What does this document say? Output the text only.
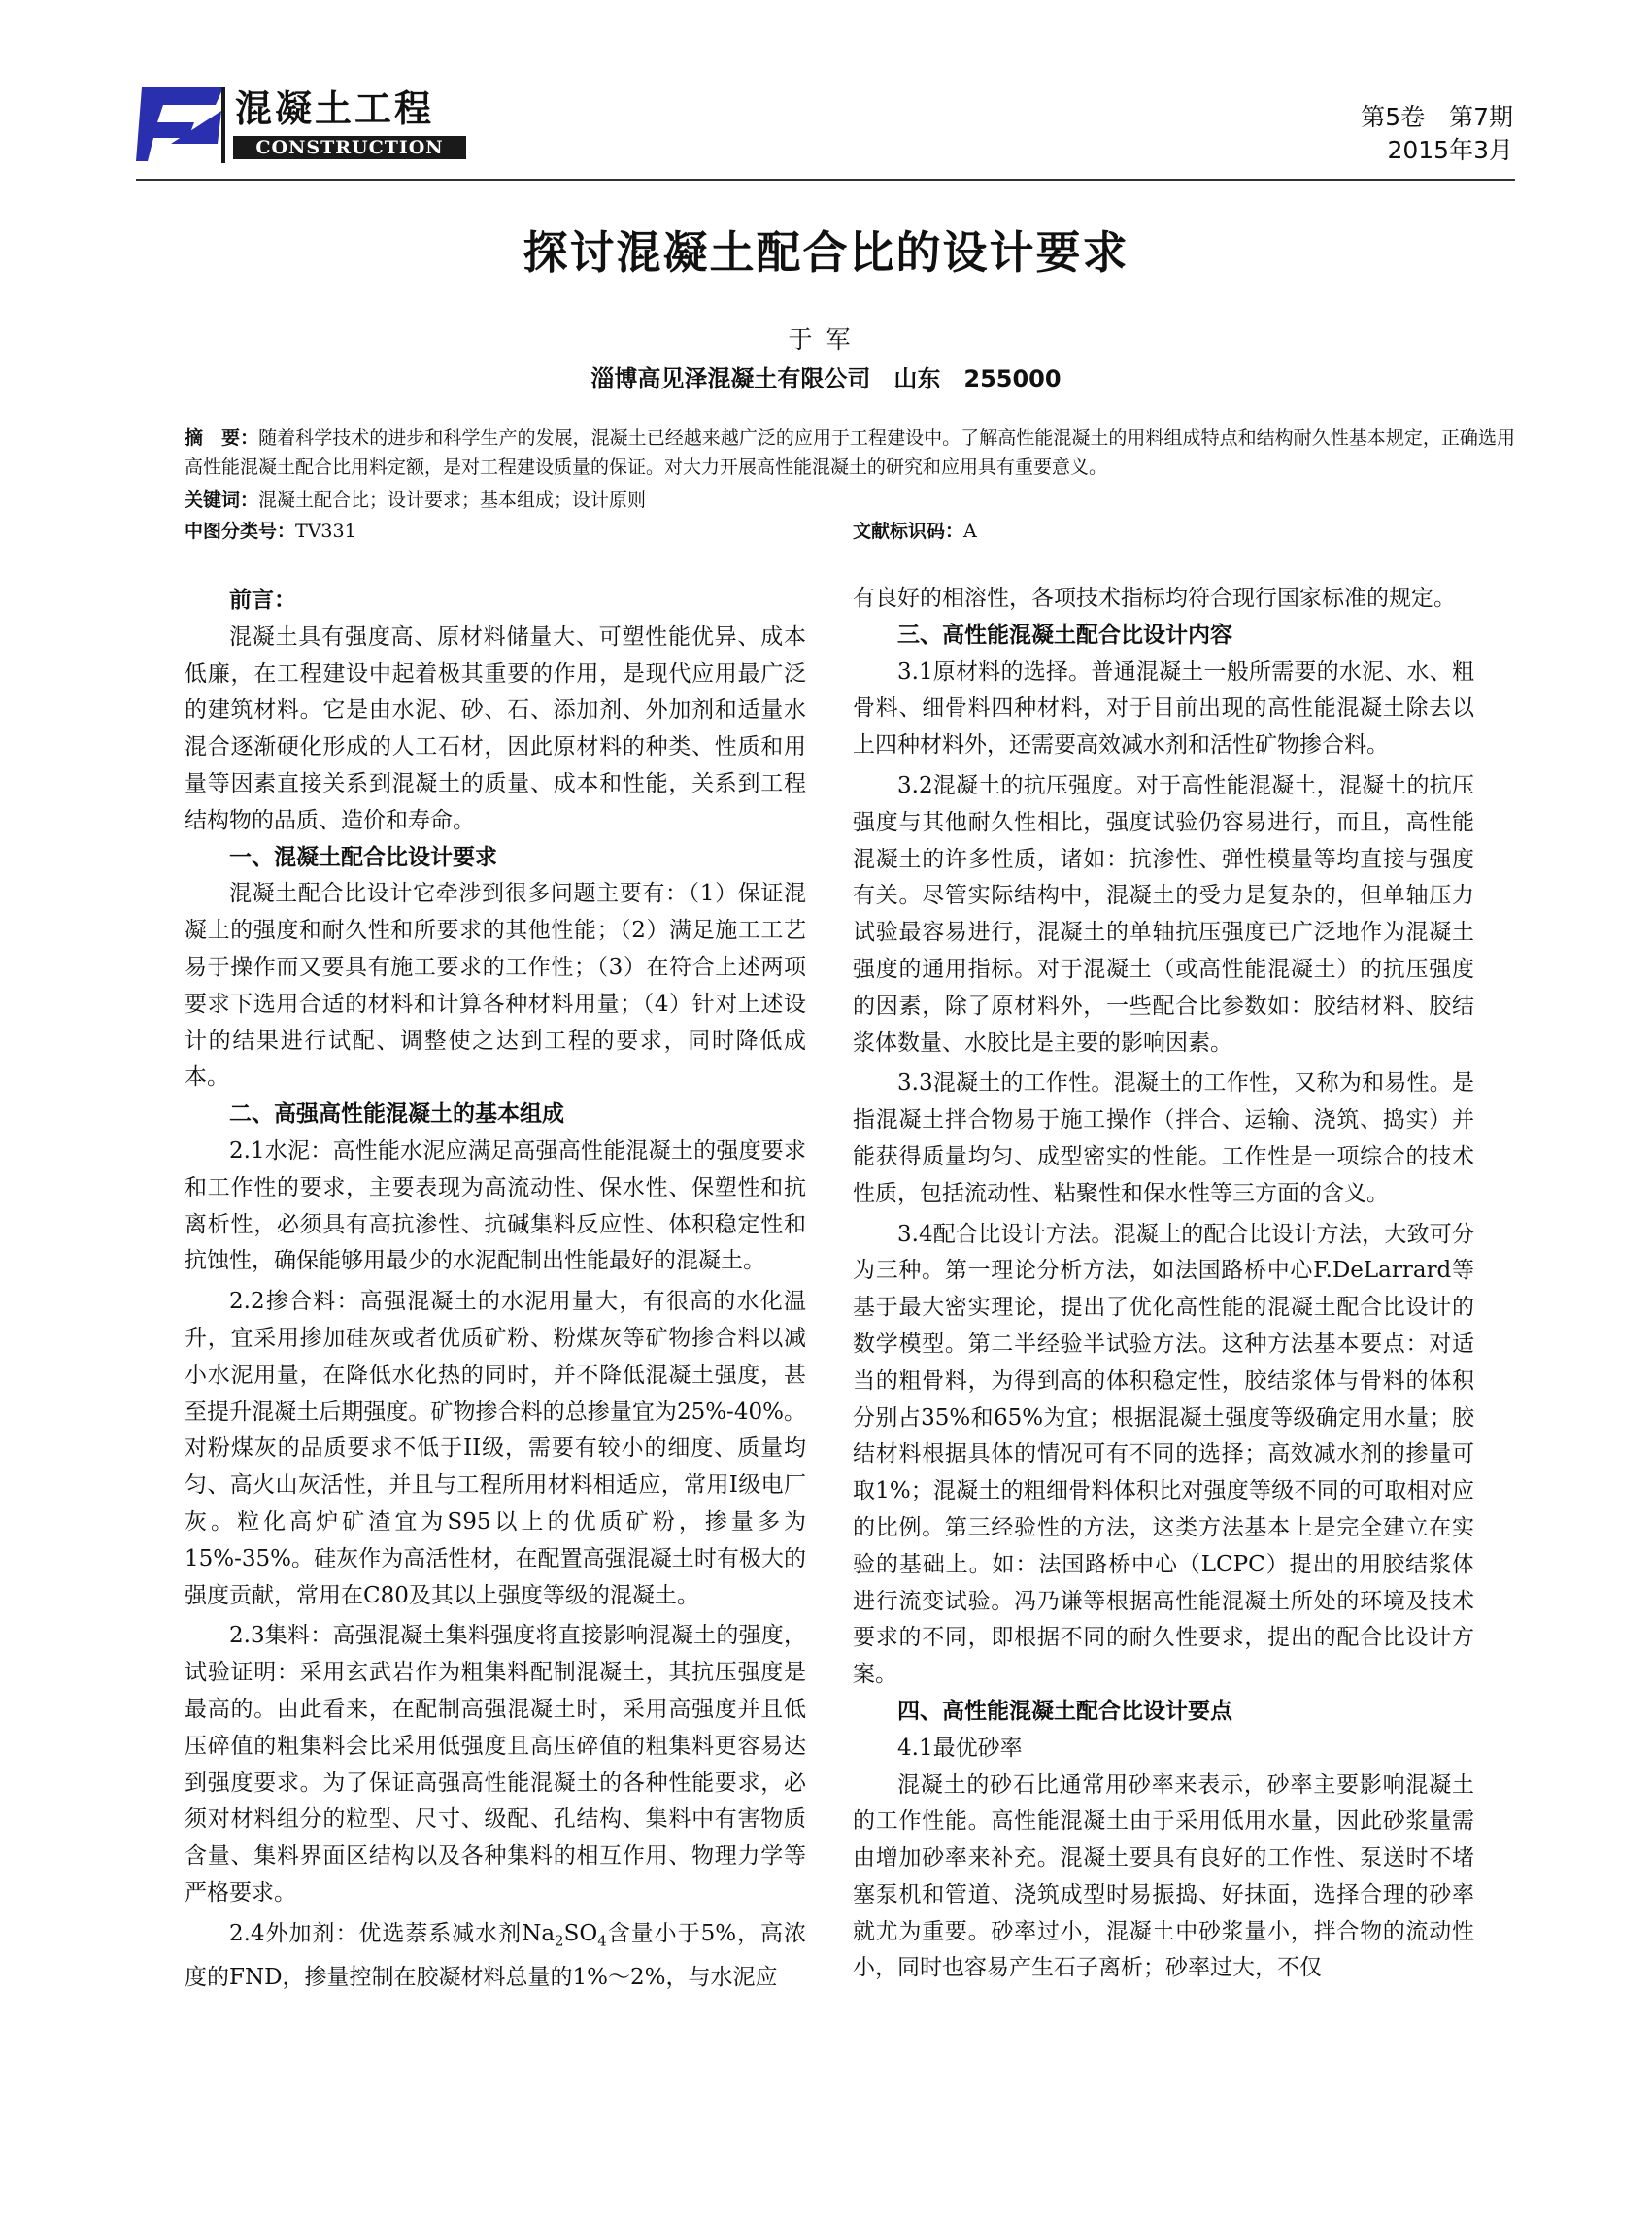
混凝土工程
CONSTRUCTION
第5卷　第7期
2015年3月
探讨混凝土配合比的设计要求
于军
淄博高见泽混凝土有限公司　山东　255000
摘　要：随着科学技术的进步和科学生产的发展，混凝土已经越来越广泛的应用于工程建设中。了解高性能混凝土的用料组成特点和结构耐久性基本规定，正确选用高性能混凝土配合比用料定额，是对工程建设质量的保证。对大力开展高性能混凝土的研究和应用具有重要意义。
关键词：混凝土配合比；设计要求；基本组成；设计原则
中图分类号：TV331	文献标识码：A
前言：

混凝土具有强度高、原材料储量大、可塑性能优异、成本低廉，在工程建设中起着极其重要的作用，是现代应用最广泛的建筑材料。它是由水泥、砂、石、添加剂、外加剂和适量水混合逐渐硬化形成的人工石材，因此原材料的种类、性质和用量等因素直接关系到混凝土的质量、成本和性能，关系到工程结构物的品质、造价和寿命。

一、混凝土配合比设计要求

混凝土配合比设计它牵涉到很多问题主要有：（1）保证混凝土的强度和耐久性和所要求的其他性能；（2）满足施工工艺易于操作而又要具有施工要求的工作性；（3）在符合上述两项要求下选用合适的材料和计算各种材料用量；（4）针对上述设计的结果进行试配、调整使之达到工程的要求，同时降低成本。

二、高强高性能混凝土的基本组成

2.1水泥：高性能水泥应满足高强高性能混凝土的强度要求和工作性的要求，主要表现为高流动性、保水性、保塑性和抗离析性，必须具有高抗渗性、抗碱集料反应性、体积稳定性和抗蚀性，确保能够用最少的水泥配制出性能最好的混凝土。

2.2掺合料：高强混凝土的水泥用量大，有很高的水化温升，宜采用掺加硅灰或者优质矿粉、粉煤灰等矿物掺合料以减小水泥用量，在降低水化热的同时，并不降低混凝土强度，甚至提升混凝土后期强度。矿物掺合料的总掺量宜为25%-40%。对粉煤灰的品质要求不低于II级，需要有较小的细度、质量均匀、高火山灰活性，并且与工程所用材料相适应，常用I级电厂灰。粒化高炉矿渣宜为S95以上的优质矿粉，掺量多为15%-35%。硅灰作为高活性材，在配置高强混凝土时有极大的强度贡献，常用在C80及其以上强度等级的混凝土。

2.3集料：高强混凝土集料强度将直接影响混凝土的强度，试验证明：采用玄武岩作为粗集料配制混凝土，其抗压强度是最高的。由此看来，在配制高强混凝土时，采用高强度并且低压碎值的粗集料会比采用低强度且高压碎值的粗集料更容易达到强度要求。为了保证高强高性能混凝土的各种性能要求，必须对材料组分的粒型、尺寸、级配、孔结构、集料中有害物质含量、集料界面区结构以及各种集料的相互作用、物理力学等严格要求。

2.4外加剂：优选萘系减水剂$Na_2SO_4$含量小于5%，高浓度的FND，掺量控制在胶凝材料总量的1%～2%，与水泥应

有良好的相溶性，各项技术指标均符合现行国家标准的规定。

三、高性能混凝土配合比设计内容

3.1原材料的选择。普通混凝土一般所需要的水泥、水、粗骨料、细骨料四种材料，对于目前出现的高性能混凝土除去以上四种材料外，还需要高效减水剂和活性矿物掺合料。

3.2混凝土的抗压强度。对于高性能混凝土，混凝土的抗压强度与其他耐久性相比，强度试验仍容易进行，而且，高性能混凝土的许多性质，诸如：抗渗性、弹性模量等均直接与强度有关。尽管实际结构中，混凝土的受力是复杂的，但单轴压力试验最容易进行，混凝土的单轴抗压强度已广泛地作为混凝土强度的通用指标。对于混凝土（或高性能混凝土）的抗压强度的因素，除了原材料外，一些配合比参数如：胶结材料、胶结浆体数量、水胶比是主要的影响因素。

3.3混凝土的工作性。混凝土的工作性，又称为和易性。是指混凝土拌合物易于施工操作（拌合、运输、浇筑、捣实）并能获得质量均匀、成型密实的性能。工作性是一项综合的技术性质，包括流动性、粘聚性和保水性等三方面的含义。

3.4配合比设计方法。混凝土的配合比设计方法，大致可分为三种。第一理论分析方法，如法国路桥中心F.DeLarrard等基于最大密实理论，提出了优化高性能的混凝土配合比设计的数学模型。第二半经验半试验方法。这种方法基本要点：对适当的粗骨料，为得到高的体积稳定性，胶结浆体与骨料的体积分别占35%和65%为宜；根据混凝土强度等级确定用水量；胶结材料根据具体的情况可有不同的选择；高效减水剂的掺量可取1%；混凝土的粗细骨料体积比对强度等级不同的可取相对应的比例。第三经验性的方法，这类方法基本上是完全建立在实验的基础上。如：法国路桥中心（LCPC）提出的用胶结浆体进行流变试验。冯乃谦等根据高性能混凝土所处的环境及技术要求的不同，即根据不同的耐久性要求，提出的配合比设计方案。

四、高性能混凝土配合比设计要点

4.1最优砂率

混凝土的砂石比通常用砂率来表示，砂率主要影响混凝土的工作性能。高性能混凝土由于采用低用水量，因此砂浆量需由增加砂率来补充。混凝土要具有良好的工作性、泵送时不堵塞泵机和管道、浇筑成型时易振捣、好抹面，选择合理的砂率就尤为重要。砂率过小，混凝土中砂浆量小，拌合物的流动性小，同时也容易产生石子离析；砂率过大，不仅
